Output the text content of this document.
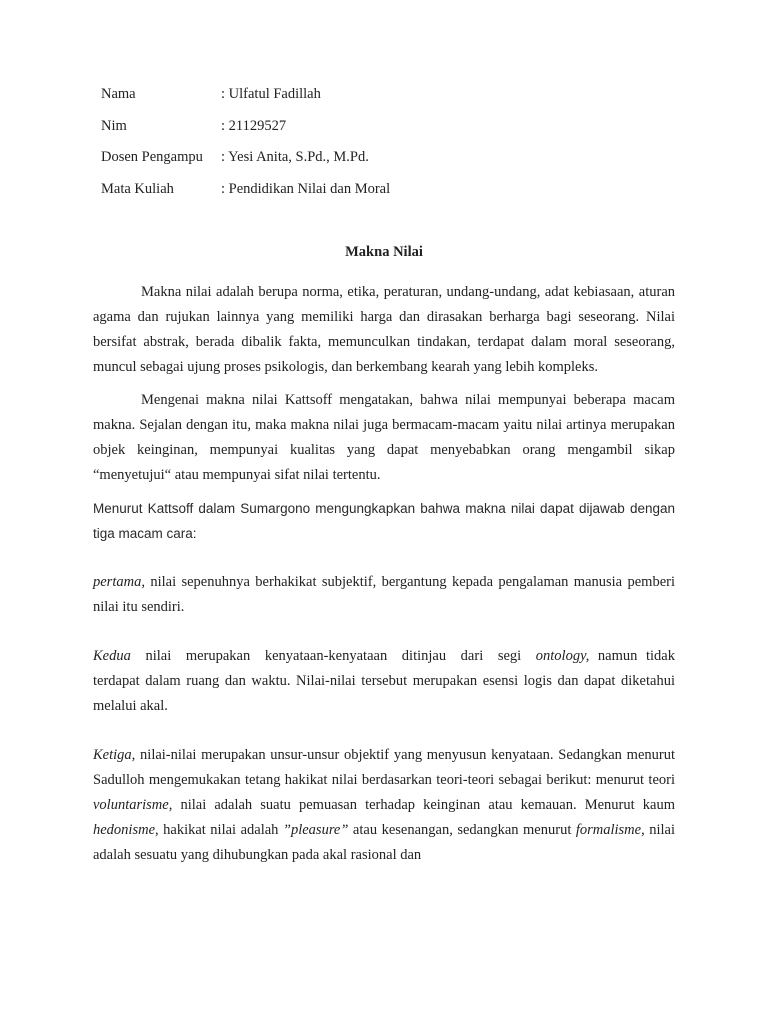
Nama	: Ulfatul Fadillah
Nim	: 21129527
Dosen Pengampu	: Yesi Anita, S.Pd., M.Pd.
Mata Kuliah	: Pendidikan Nilai dan Moral
Makna Nilai

Makna nilai adalah berupa norma, etika, peraturan, undang-undang, adat kebiasaan, aturan agama dan rujukan lainnya yang memiliki harga dan dirasakan berharga bagi seseorang. Nilai bersifat abstrak, berada dibalik fakta, memunculkan tindakan, terdapat dalam moral seseorang, muncul sebagai ujung proses psikologis, dan berkembang kearah yang lebih kompleks.

Mengenai makna nilai Kattsoff mengatakan, bahwa nilai mempunyai beberapa macam makna. Sejalan dengan itu, maka makna nilai juga bermacam-macam yaitu nilai artinya merupakan objek keinginan, mempunyai kualitas yang dapat menyebabkan orang mengambil sikap “menyetujui“ atau mempunyai sifat nilai tertentu.

Menurut Kattsoff dalam Sumargono mengungkapkan bahwa makna nilai dapat dijawab dengan tiga macam cara:

pertama, nilai sepenuhnya berhakikat subjektif, bergantung kepada pengalaman manusia pemberi nilai itu sendiri.

Kedua nilai merupakan kenyataan-kenyataan ditinjau dari segi ontology, namun tidak terdapat dalam ruang dan waktu. Nilai-nilai tersebut merupakan esensi logis dan dapat diketahui melalui akal.

Ketiga, nilai-nilai merupakan unsur-unsur objektif yang menyusun kenyataan. Sedangkan menurut Sadulloh mengemukakan tetang hakikat nilai berdasarkan teori-teori sebagai berikut: menurut teori voluntarisme, nilai adalah suatu pemuasan terhadap keinginan atau kemauan. Menurut kaum hedonisme, hakikat nilai adalah ”pleasure” atau kesenangan, sedangkan menurut formalisme, nilai adalah sesuatu yang dihubungkan pada akal rasional dan
